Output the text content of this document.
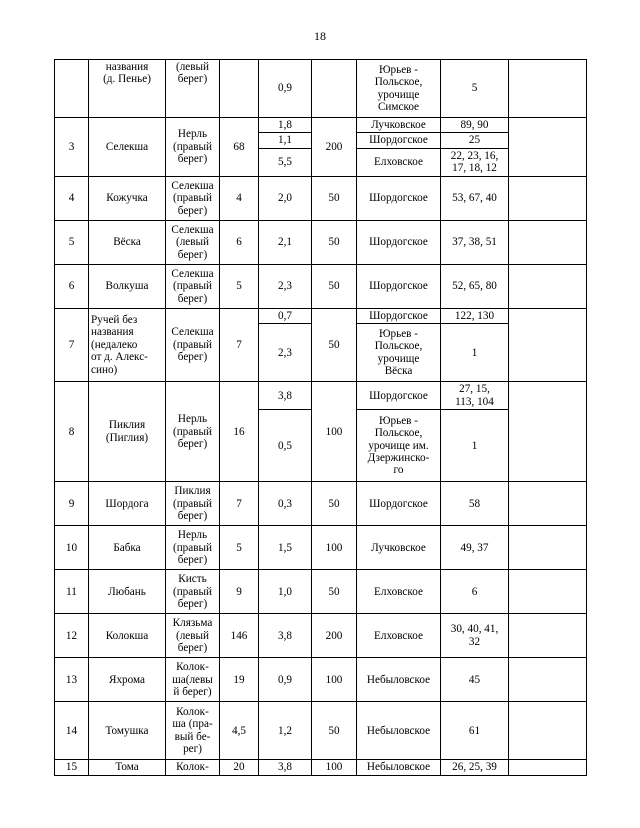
18
	названия
(д. Пенье)	(левый
берег)		0,9		Юрьев -
Польское,
урочище
Симское	5	
3	Селекша	Нерль
(правый
берег)	68	1,8	200	Лучковское	89, 90	
				1,1		Шордогское	25	
				5,5		Елховское	22, 23, 16,
17, 18, 12	
4	Кожучка	Селекша
(правый
берег)	4	2,0	50	Шордогское	53, 67, 40	
5	Вёска	Селекша
(левый
берег)	6	2,1	50	Шордогское	37, 38, 51	
6	Волкуша	Селекша
(правый
берег)	5	2,3	50	Шордогское	52, 65, 80	
7	Ручей без
названия
(недалеко
от д. Алекс-
сино)	Селекша
(правый
берег)	7	0,7	50	Шордогское	122, 130	
				2,3		Юрьев -
Польское,
урочище
Вёска	1	
8	Пиклия
(Пиглия)	Нерль
(правый
берег)	16	3,8	100	Шордогское	27, 15,
113, 104	
				0,5		Юрьев -
Польское,
урочище им.
Дзержинско-
го	1	
9	Шордога	Пиклия
(правый
берег)	7	0,3	50	Шордогское	58	
10	Бабка	Нерль
(правый
берег)	5	1,5	100	Лучковское	49, 37	
11	Любань	Кисть
(правый
берег)	9	1,0	50	Елховское	6	
12	Колокша	Клязьма
(левый
берег)	146	3,8	200	Елховское	30, 40, 41,
32	
13	Яхрома	Колок-
ша(левы
й берег)	19	0,9	100	Небыловское	45	
14	Томушка	Колок-
ша (пра-
вый бе-
рег)	4,5	1,2	50	Небыловское	61	
15	Тома	Колок-	20	3,8	100	Небыловское	26, 25, 39	
